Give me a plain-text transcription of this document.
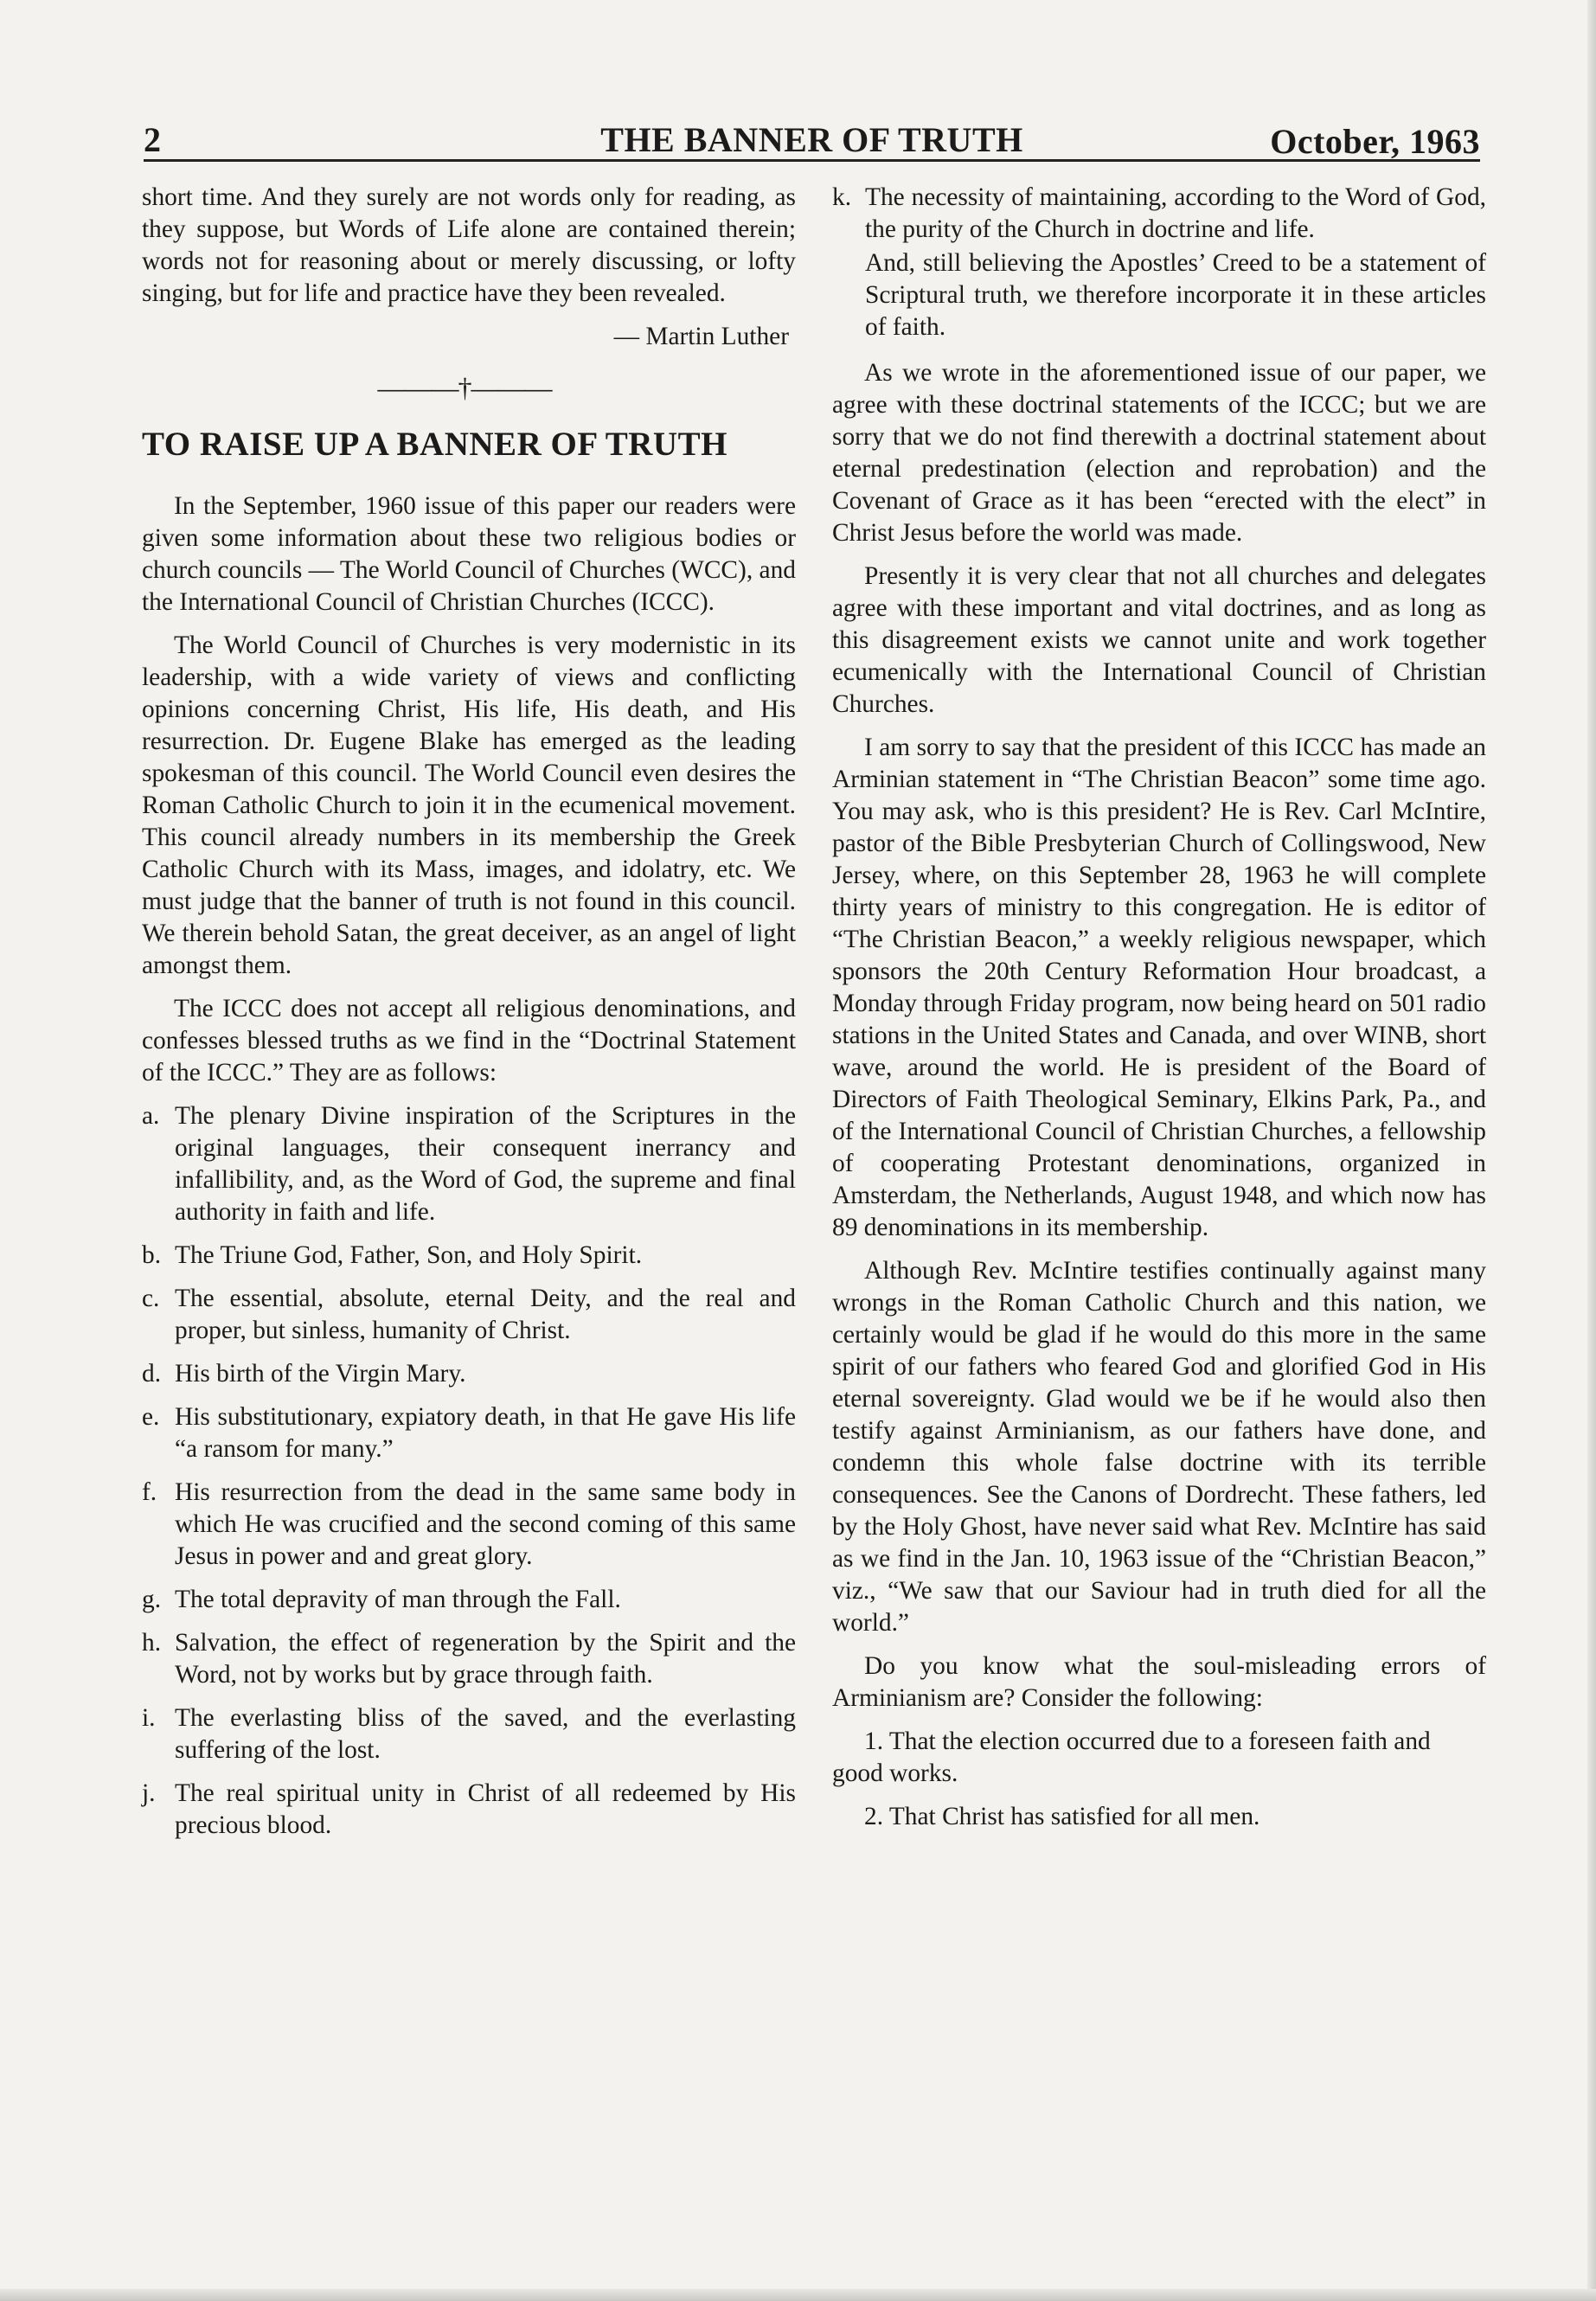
2	THE BANNER OF TRUTH	October, 1963

short time. And they surely are not words only for reading, as they suppose, but Words of Life alone are contained therein; words not for reasoning about or merely discussing, or lofty singing, but for life and practice have they been revealed.

— Martin Luther
———†———
TO RAISE UP A BANNER OF TRUTH

In the September, 1960 issue of this paper our readers were given some information about these two religious bodies or church councils — The World Council of Churches (WCC), and the International Council of Christian Churches (ICCC).

The World Council of Churches is very modernistic in its leadership, with a wide variety of views and conflicting opinions concerning Christ, His life, His death, and His resurrection. Dr. Eugene Blake has emerged as the leading spokesman of this council. The World Council even desires the Roman Catholic Church to join it in the ecumenical movement. This council already numbers in its membership the Greek Catholic Church with its Mass, images, and idolatry, etc. We must judge that the banner of truth is not found in this council. We therein behold Satan, the great deceiver, as an angel of light amongst them.

The ICCC does not accept all religious denominations, and confesses blessed truths as we find in the “Doctrinal Statement of the ICCC.” They are as follows:

a. The plenary Divine inspiration of the Scriptures in the original languages, their consequent inerrancy and infallibility, and, as the Word of God, the supreme and final authority in faith and life.
b. The Triune God, Father, Son, and Holy Spirit.
c. The essential, absolute, eternal Deity, and the real and proper, but sinless, humanity of Christ.
d. His birth of the Virgin Mary.
e. His substitutionary, expiatory death, in that He gave His life “a ransom for many.”
f. His resurrection from the dead in the same same body in which He was crucified and the second coming of this same Jesus in power and and great glory.
g. The total depravity of man through the Fall.
h. Salvation, the effect of regeneration by the Spirit and the Word, not by works but by grace through faith.
i. The everlasting bliss of the saved, and the everlasting suffering of the lost.
j. The real spiritual unity in Christ of all redeemed by His precious blood.
k. The necessity of maintaining, according to the Word of God, the purity of the Church in doctrine and life.
And, still believing the Apostles’ Creed to be a statement of Scriptural truth, we therefore incorporate it in these articles of faith.

As we wrote in the aforementioned issue of our paper, we agree with these doctrinal statements of the ICCC; but we are sorry that we do not find therewith a doctrinal statement about eternal predestination (election and reprobation) and the Covenant of Grace as it has been “erected with the elect” in Christ Jesus before the world was made.

Presently it is very clear that not all churches and delegates agree with these important and vital doctrines, and as long as this disagreement exists we cannot unite and work together ecumenically with the International Council of Christian Churches.

I am sorry to say that the president of this ICCC has made an Arminian statement in “The Christian Beacon” some time ago. You may ask, who is this president? He is Rev. Carl McIntire, pastor of the Bible Presbyterian Church of Collingswood, New Jersey, where, on this September 28, 1963 he will complete thirty years of ministry to this congregation. He is editor of “The Christian Beacon,” a weekly religious newspaper, which sponsors the 20th Century Reformation Hour broadcast, a Monday through Friday program, now being heard on 501 radio stations in the United States and Canada, and over WINB, short wave, around the world. He is president of the Board of Directors of Faith Theological Seminary, Elkins Park, Pa., and of the International Council of Christian Churches, a fellowship of cooperating Protestant denominations, organized in Amsterdam, the Netherlands, August 1948, and which now has 89 denominations in its membership.

Although Rev. McIntire testifies continually against many wrongs in the Roman Catholic Church and this nation, we certainly would be glad if he would do this more in the same spirit of our fathers who feared God and glorified God in His eternal sovereignty. Glad would we be if he would also then testify against Arminianism, as our fathers have done, and condemn this whole false doctrine with its terrible consequences. See the Canons of Dordrecht. These fathers, led by the Holy Ghost, have never said what Rev. McIntire has said as we find in the Jan. 10, 1963 issue of the “Christian Beacon,” viz., “We saw that our Saviour had in truth died for all the world.”

Do you know what the soul-misleading errors of Arminianism are? Consider the following:

1. That the election occurred due to a foreseen faith and good works.
2. That Christ has satisfied for all men.
